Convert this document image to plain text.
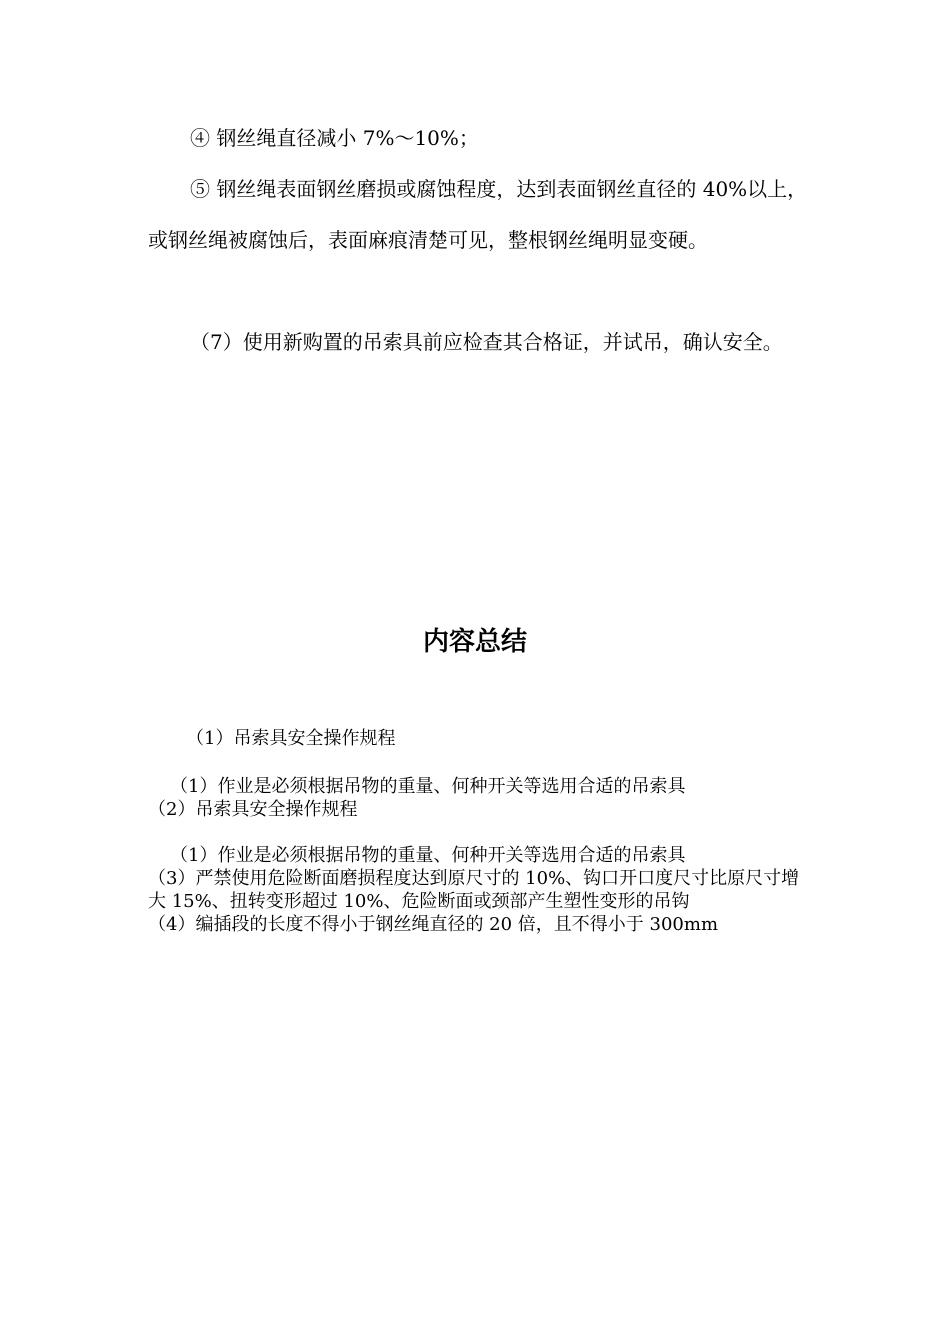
④ 钢丝绳直径减小 7%～10%；

⑤ 钢丝绳表面钢丝磨损或腐蚀程度，达到表面钢丝直径的 40%以上，或钢丝绳被腐蚀后，表面麻痕清楚可见，整根钢丝绳明显变硬。

（7）使用新购置的吊索具前应检查其合格证，并试吊，确认安全。

内容总结

（1）吊索具安全操作规程

（1）作业是必须根据吊物的重量、何种开关等选用合适的吊索具

（2）吊索具安全操作规程

（1）作业是必须根据吊物的重量、何种开关等选用合适的吊索具

（3）严禁使用危险断面磨损程度达到原尺寸的 10%、钩口开口度尺寸比原尺寸增大 15%、扭转变形超过 10%、危险断面或颈部产生塑性变形的吊钩

（4）编插段的长度不得小于钢丝绳直径的 20 倍，且不得小于 300mm
